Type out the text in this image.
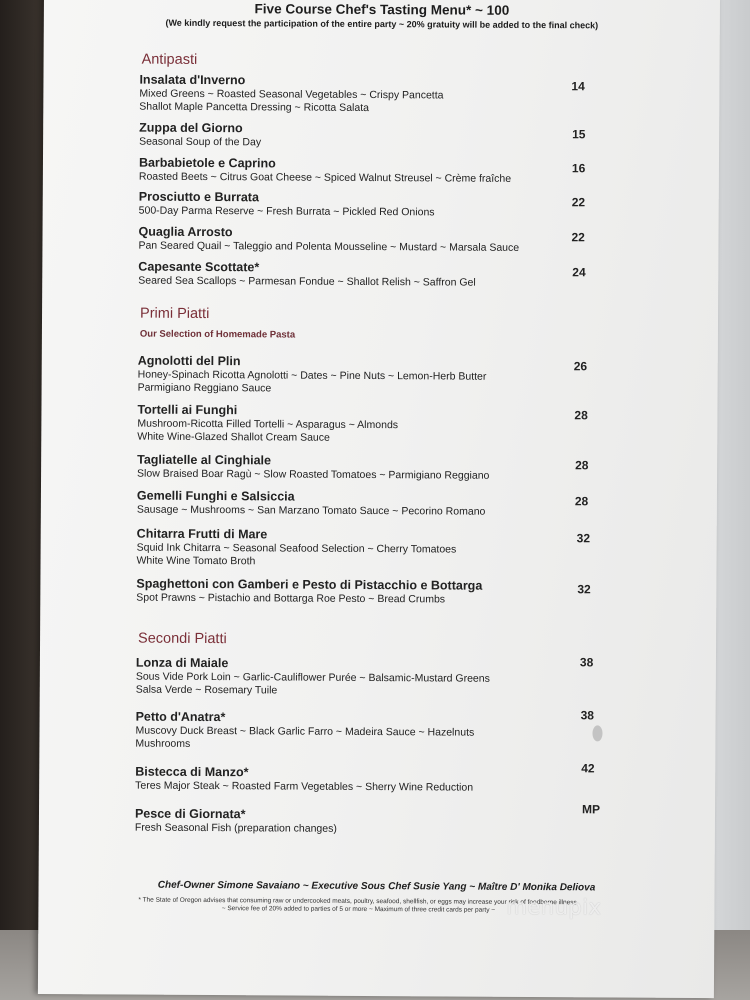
Five Course Chef's Tasting Menu* ~ 100
(We kindly request the participation of the entire party ~ 20% gratuity will be added to the final check)
Antipasti
Insalata d'Inverno
Mixed Greens ~ Roasted Seasonal Vegetables ~ Crispy Pancetta
Shallot Maple Pancetta Dressing ~ Ricotta Salata
14
Zuppa del Giorno
Seasonal Soup of the Day
15
Barbabietole e Caprino
Roasted Beets ~ Citrus Goat Cheese ~ Spiced Walnut Streusel ~ Crème fraîche
16
Prosciutto e Burrata
500-Day Parma Reserve ~ Fresh Burrata ~ Pickled Red Onions
22
Quaglia Arrosto
Pan Seared Quail ~ Taleggio and Polenta Mousseline ~ Mustard ~ Marsala Sauce
22
Capesante Scottate*
Seared Sea Scallops ~ Parmesan Fondue ~ Shallot Relish ~ Saffron Gel
24
Primi Piatti
Our Selection of Homemade Pasta
Agnolotti del Plin
Honey-Spinach Ricotta Agnolotti ~ Dates ~ Pine Nuts ~ Lemon-Herb Butter
Parmigiano Reggiano Sauce
26
Tortelli ai Funghi
Mushroom-Ricotta Filled Tortelli ~ Asparagus ~ Almonds
White Wine-Glazed Shallot Cream Sauce
28
Tagliatelle al Cinghiale
Slow Braised Boar Ragù ~ Slow Roasted Tomatoes ~ Parmigiano Reggiano
28
Gemelli Funghi e Salsiccia
Sausage ~ Mushrooms ~ San Marzano Tomato Sauce ~ Pecorino Romano
28
Chitarra Frutti di Mare
Squid Ink Chitarra ~ Seasonal Seafood Selection ~ Cherry Tomatoes
White Wine Tomato Broth
32
Spaghettoni con Gamberi e Pesto di Pistacchio e Bottarga
Spot Prawns ~ Pistachio and Bottarga Roe Pesto ~ Bread Crumbs
32
Secondi Piatti
Lonza di Maiale
Sous Vide Pork Loin ~ Garlic-Cauliflower Purée ~ Balsamic-Mustard Greens
Salsa Verde ~ Rosemary Tuile
38
Petto d'Anatra*
Muscovy Duck Breast ~ Black Garlic Farro ~ Madeira Sauce ~ Hazelnuts
Mushrooms
38
Bistecca di Manzo*
Teres Major Steak ~ Roasted Farm Vegetables ~ Sherry Wine Reduction
42
Pesce di Giornata*
Fresh Seasonal Fish (preparation changes)
MP
Chef-Owner Simone Savaiano ~ Executive Sous Chef Susie Yang ~ Maître D' Monika Deliova
* The State of Oregon advises that consuming raw or undercooked meats, poultry, seafood, shellfish, or eggs may increase your risk of foodborne illness.
~ Service fee of 20% added to parties of 5 or more ~ Maximum of three credit cards per party ~ menupix
